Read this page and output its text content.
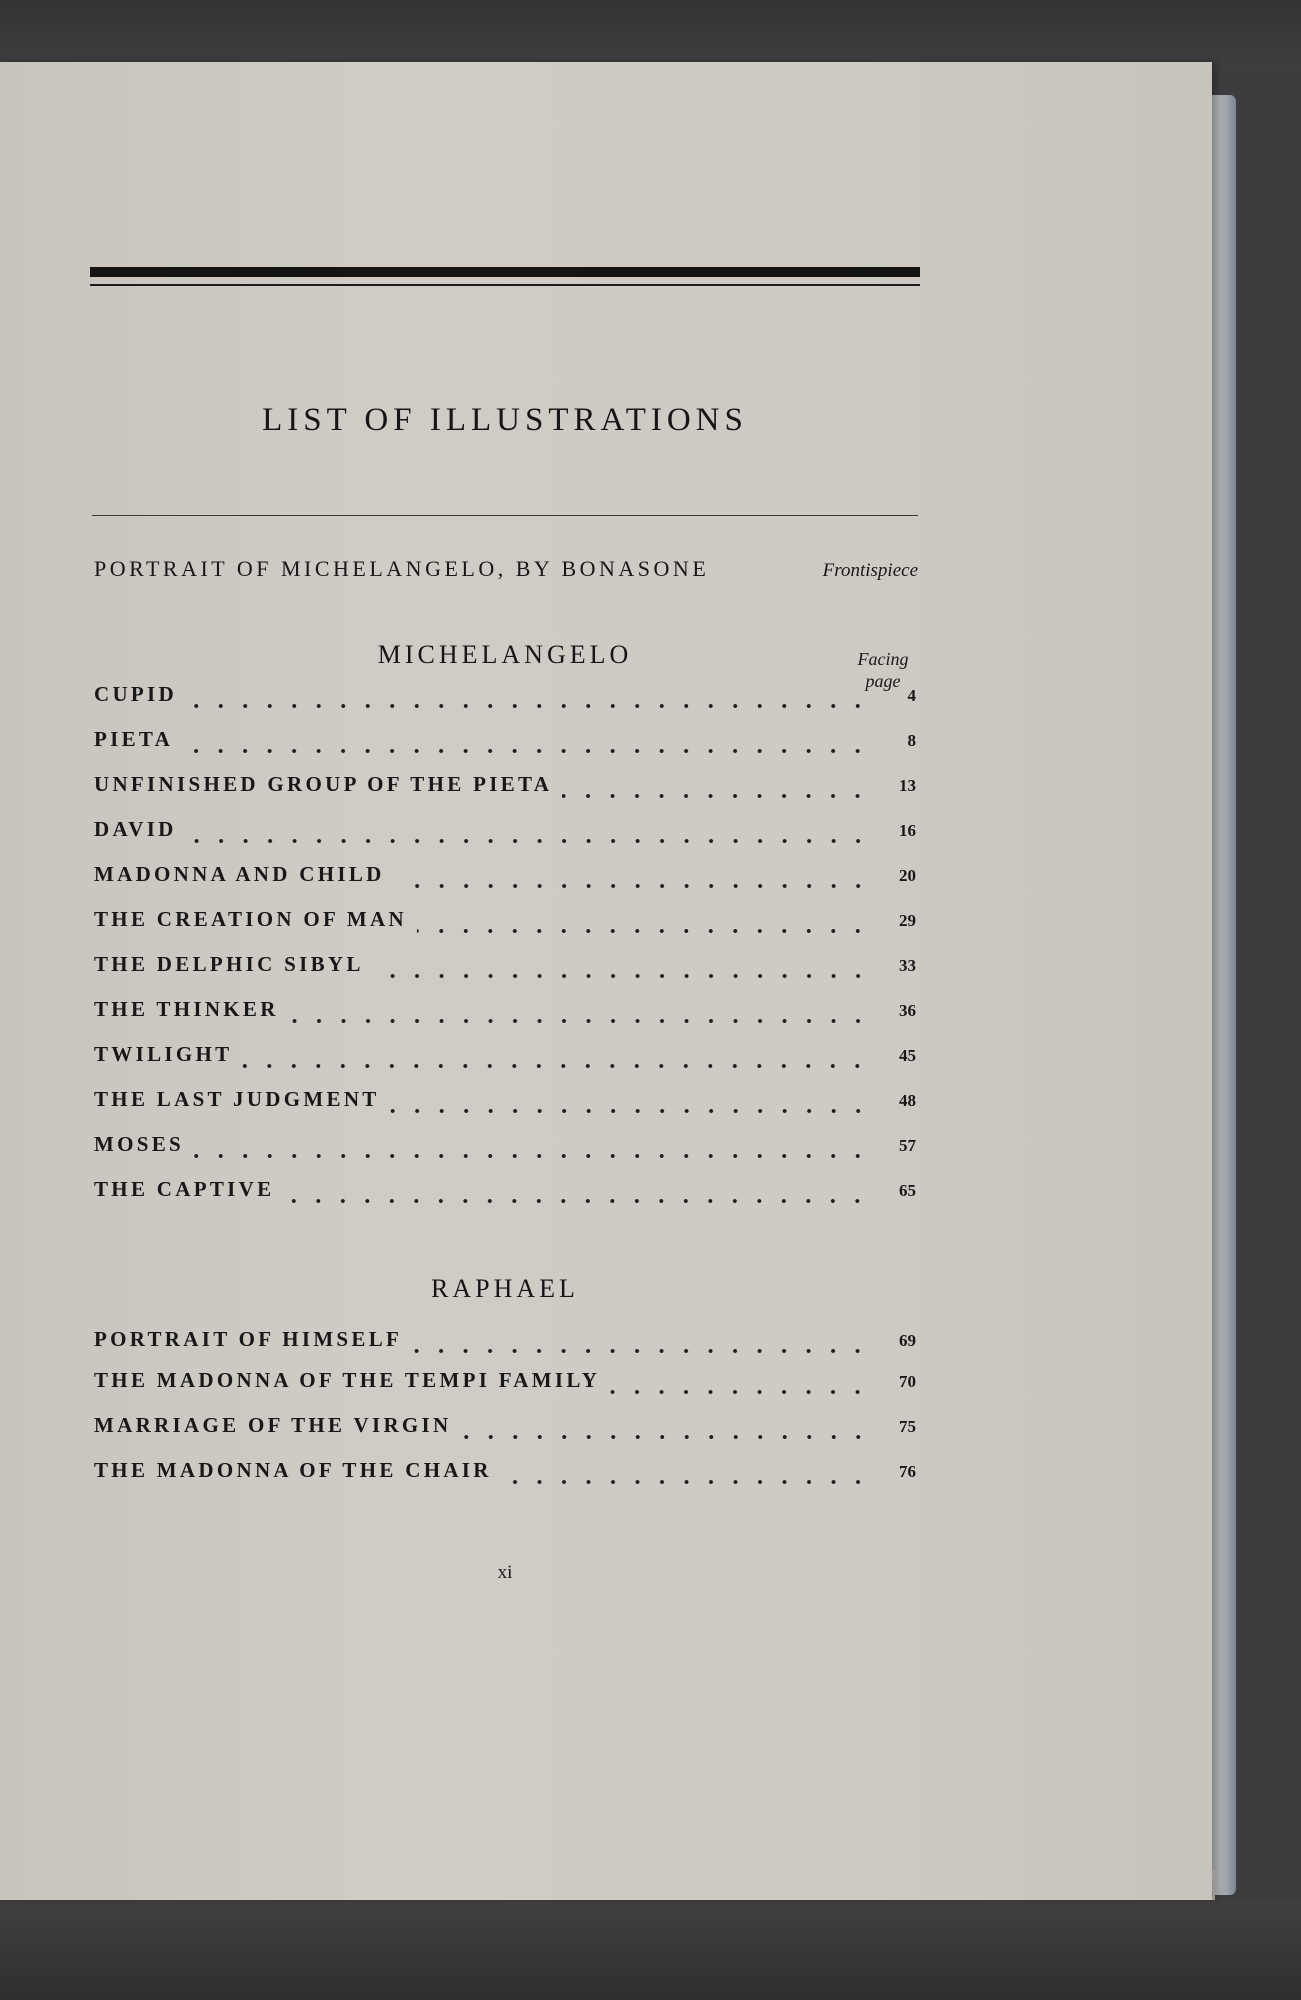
LIST OF ILLUSTRATIONS
PORTRAIT OF MICHELANGELO, BY BONASONE	Frontispiece
MICHELANGELO	Facing
page
CUPID	4
PIETA	8
UNFINISHED GROUP OF THE PIETA	13
DAVID	16
MADONNA AND CHILD	20
THE CREATION OF MAN	29
THE DELPHIC SIBYL	33
THE THINKER	36
TWILIGHT	45
THE LAST JUDGMENT	48
MOSES	57
THE CAPTIVE	65
RAPHAEL
PORTRAIT OF HIMSELF	69
THE MADONNA OF THE TEMPI FAMILY	70
MARRIAGE OF THE VIRGIN	75
THE MADONNA OF THE CHAIR	76
xi
